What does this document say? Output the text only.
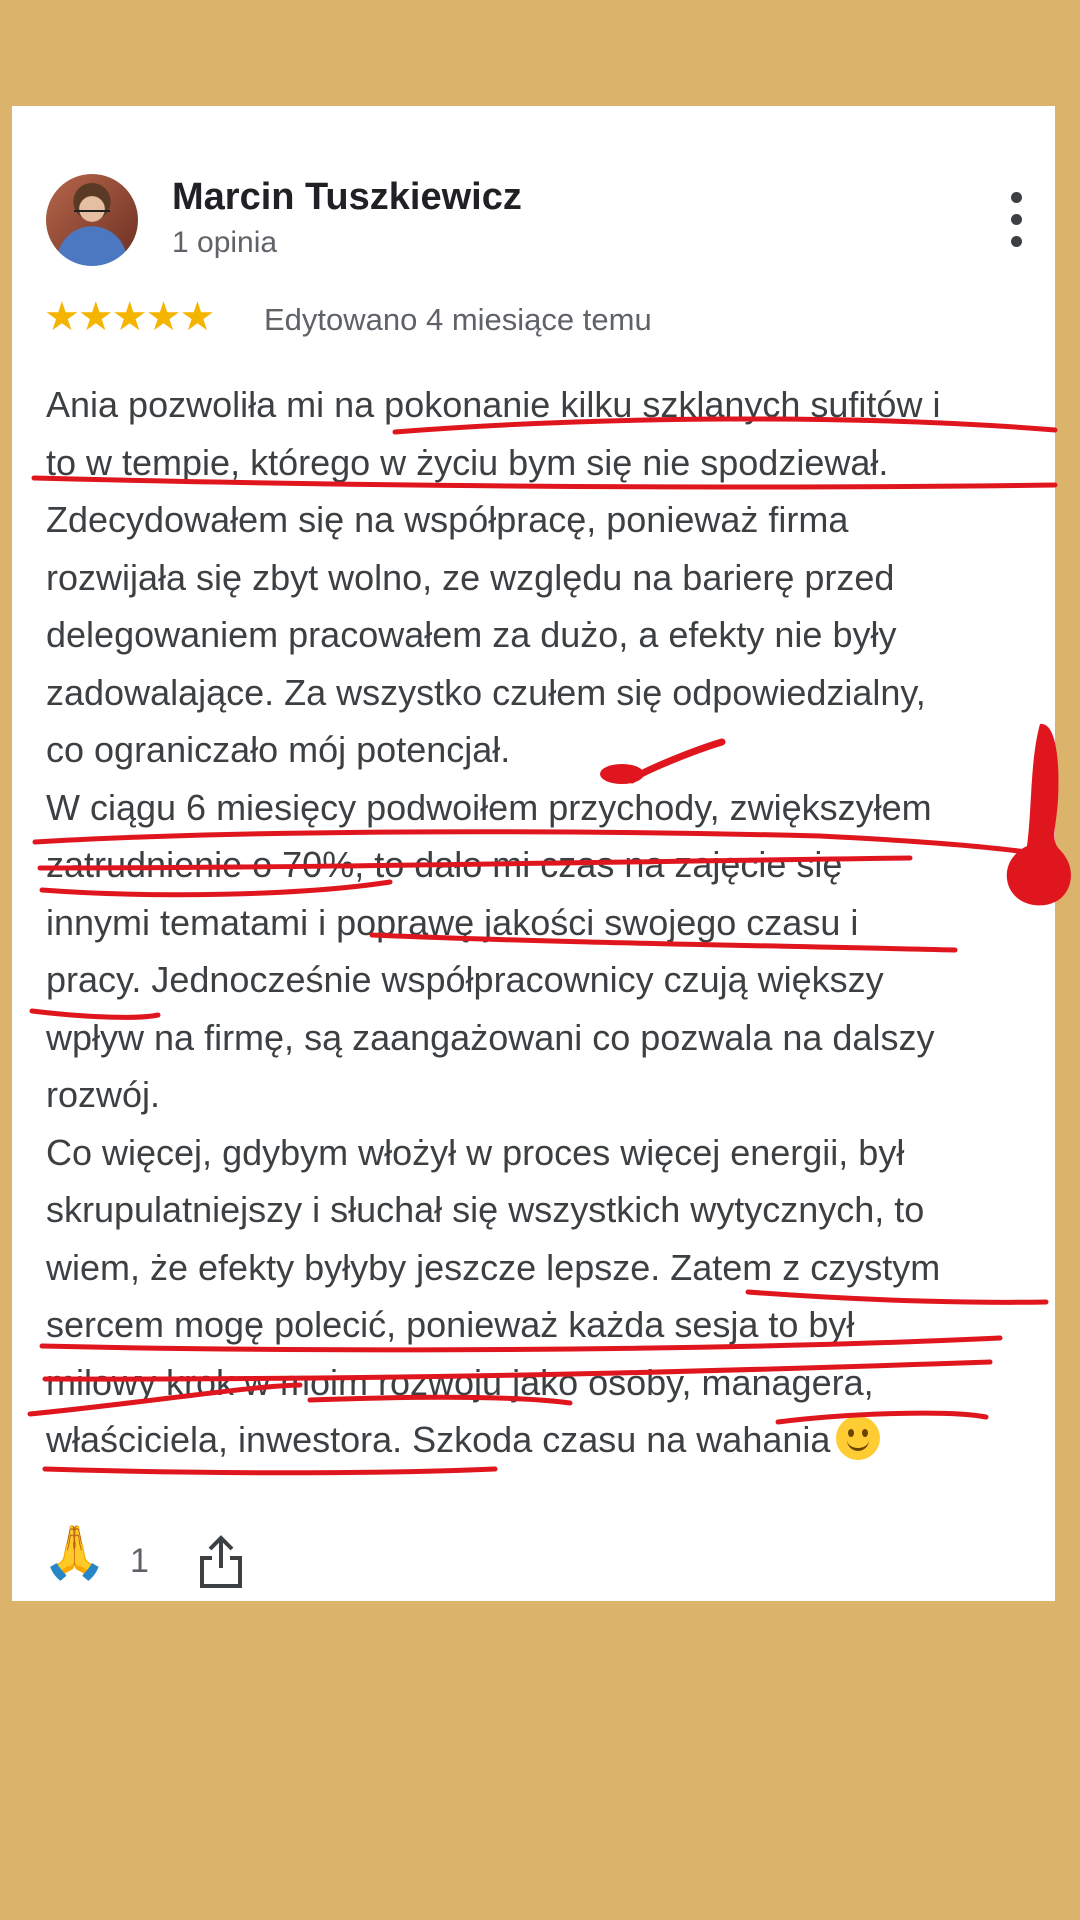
Marcin Tuszkiewicz
1 opinia
★★★★★ Edytowano 4 miesiące temu
Ania pozwoliła mi na pokonanie kilku szklanych sufitów i
to w tempie, którego w życiu bym się nie spodziewał.
Zdecydowałem się na współpracę, ponieważ firma
rozwijała się zbyt wolno, ze względu na barierę przed
delegowaniem pracowałem za dużo, a efekty nie były
zadowalające. Za wszystko czułem się odpowiedzialny,
co ograniczało mój potencjał.
W ciągu 6 miesięcy podwoiłem przychody, zwiększyłem
zatrudnienie o 70%, to dało mi czas na zajęcie się
innymi tematami i poprawę jakości swojego czasu i
pracy. Jednocześnie współpracownicy czują większy
wpływ na firmę, są zaangażowani co pozwala na dalszy
rozwój.
Co więcej, gdybym włożył w proces więcej energii, był
skrupulatniejszy i słuchał się wszystkich wytycznych, to
wiem, że efekty byłyby jeszcze lepsze. Zatem z czystym
sercem mogę polecić, ponieważ każda sesja to był
milowy krok w moim rozwoju jako osoby, managera,
właściciela, inwestora. Szkoda czasu na wahania
🙏 1
